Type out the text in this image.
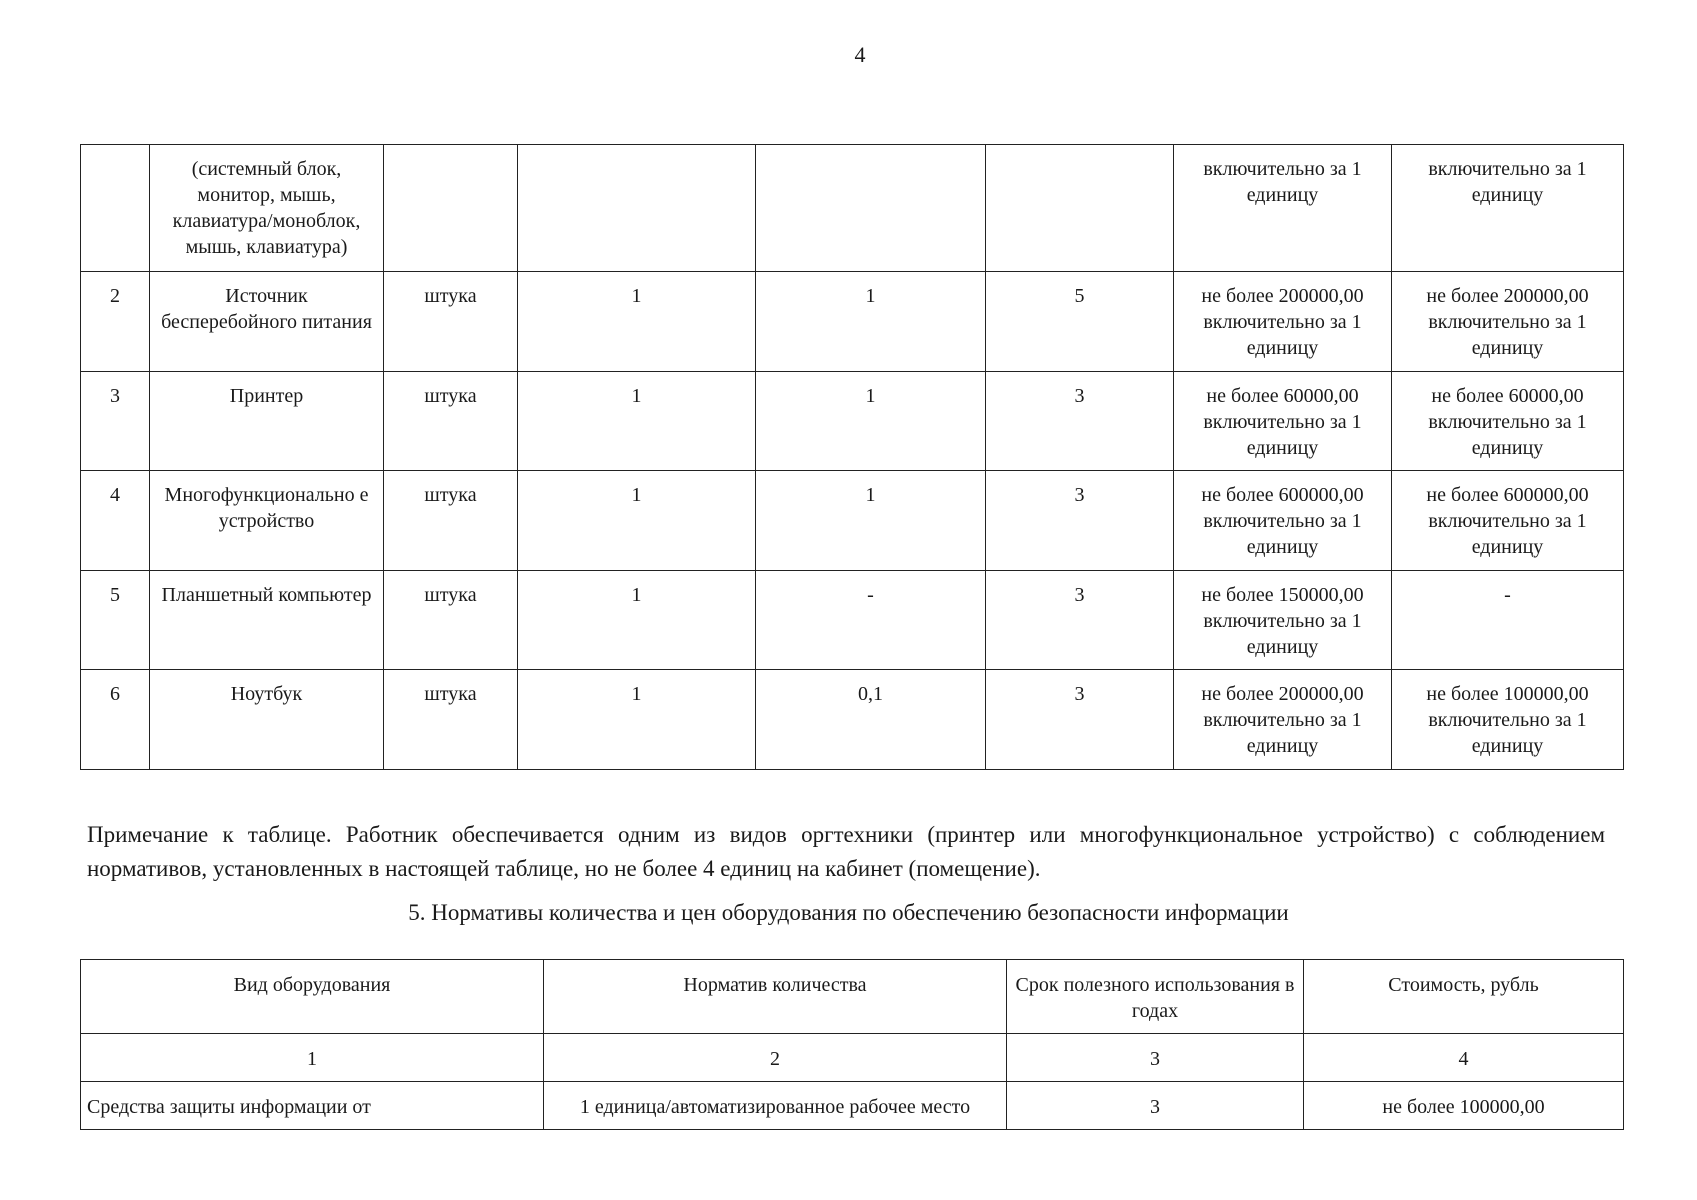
4
	(системный блок, монитор, мышь, клавиатура/моноблок, мышь, клавиатура)					включительно за 1 единицу	включительно за 1 единицу
2	Источник бесперебойного питания	штука	1	1	5	не более 200000,00 включительно за 1 единицу	не более 200000,00 включительно за 1 единицу
3	Принтер	штука	1	1	3	не более 60000,00 включительно за 1 единицу	не более 60000,00 включительно за 1 единицу
4	Многофункционально е устройство	штука	1	1	3	не более 600000,00 включительно за 1 единицу	не более 600000,00 включительно за 1 единицу
5	Планшетный компьютер	штука	1	-	3	не более 150000,00 включительно за 1 единицу	-
6	Ноутбук	штука	1	0,1	3	не более 200000,00 включительно за 1 единицу	не более 100000,00 включительно за 1 единицу

Примечание к таблице. Работник обеспечивается одним из видов оргтехники (принтер или многофункциональное устройство) с соблюдением нормативов, установленных в настоящей таблице, но не более 4 единиц на кабинет (помещение).

5. Нормативы количества и цен оборудования по обеспечению безопасности информации
Вид оборудования	Норматив количества	Срок полезного использования в годах	Стоимость, рубль
1	2	3	4
Средства защиты информации от	1 единица/автоматизированное рабочее место	3	не более 100000,00
